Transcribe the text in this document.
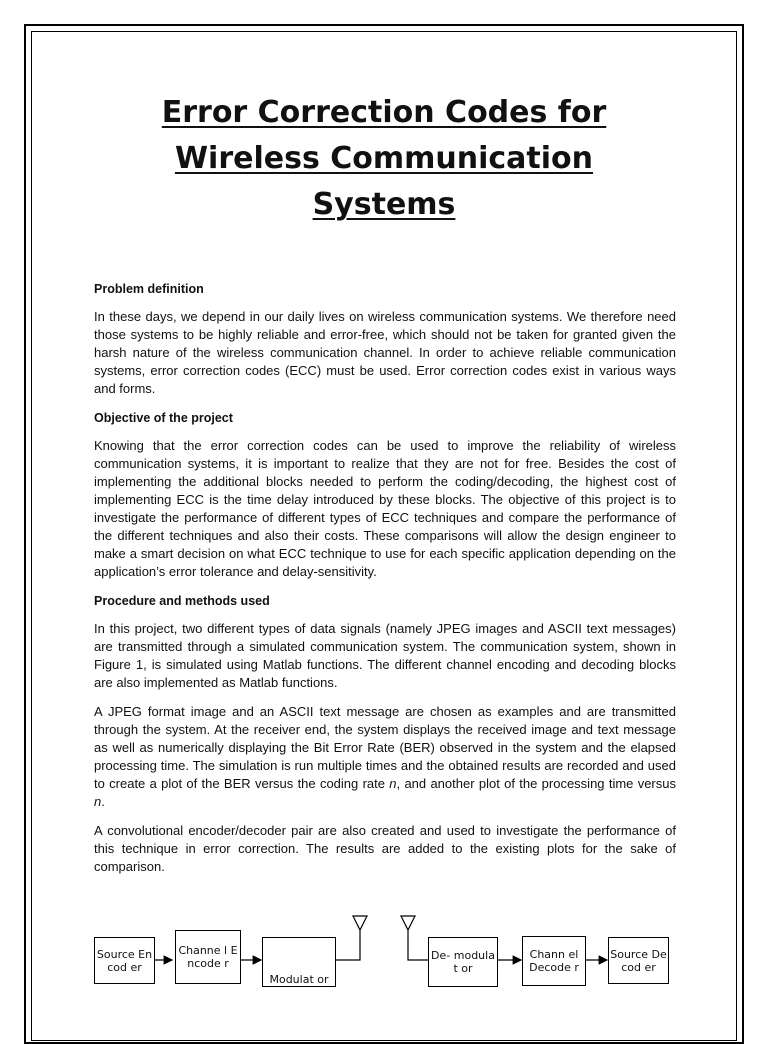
Error Correction Codes for
Wireless Communication
Systems
Problem definition

In these days, we depend in our daily lives on wireless communication systems. We therefore need those systems to be highly reliable and error-free, which should not be taken for granted given the harsh nature of the wireless communication channel. In order to achieve reliable communication systems, error correction codes (ECC) must be used. Error correction codes exist in various ways and forms.

Objective of the project

Knowing that the error correction codes can be used to improve the reliability of wireless communication systems, it is important to realize that they are not for free. Besides the cost of implementing the additional blocks needed to perform the coding/decoding, the highest cost of implementing ECC is the time delay introduced by these blocks. The objective of this project is to investigate the performance of different types of ECC techniques and compare the performance of the different techniques and also their costs. These comparisons will allow the design engineer to make a smart decision on what ECC technique to use for each specific application depending on the application’s error tolerance and delay-sensitivity.

Procedure and methods used

In this project, two different types of data signals (namely JPEG images and ASCII text messages) are transmitted through a simulated communication system. The communication system, shown in Figure 1, is simulated using Matlab functions. The different channel encoding and decoding blocks are also implemented as Matlab functions.

A JPEG format image and an ASCII text message are chosen as examples and are transmitted through the system. At the receiver end, the system displays the received image and text message as well as numerically displaying the Bit Error Rate (BER) observed in the system and the elapsed processing time. The simulation is run multiple times and the obtained results are recorded and used to create a plot of the BER versus the coding rate n, and another plot of the processing time versus n.

A convolutional encoder/decoder pair are also created and used to investigate the performance of this technique in error correction. The results are added to the existing plots for the sake of comparison.

Source Encod er
Channe l Encode r
Modulat or
De- modulat or
Chann el Decode r
Source Decod er
